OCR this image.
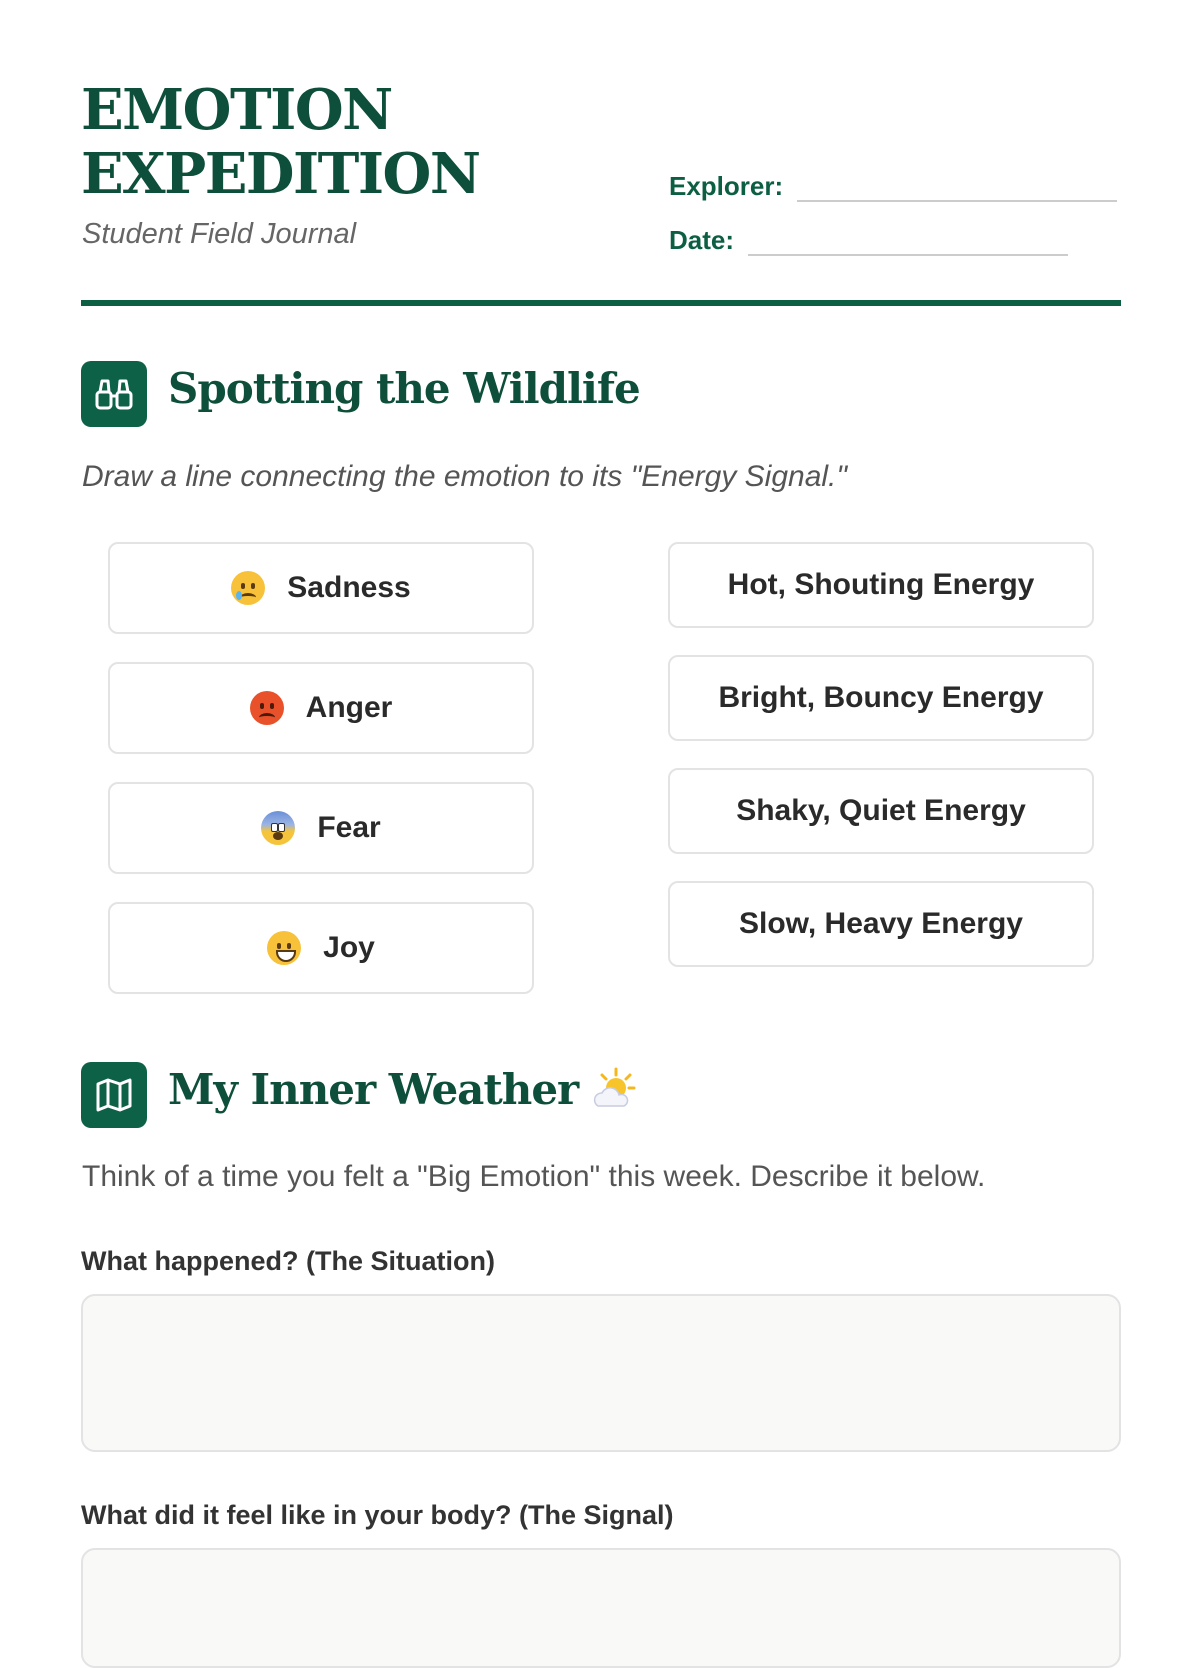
EMOTION
EXPEDITION
Student Field Journal
Explorer:
Date:
Spotting the Wildlife
Draw a line connecting the emotion to its "Energy Signal."
Sadness
Anger
Fear
Joy
Hot, Shouting Energy
Bright, Bouncy Energy
Shaky, Quiet Energy
Slow, Heavy Energy
My Inner Weather
Think of a time you felt a "Big Emotion" this week. Describe it below.
What happened? (The Situation)
What did it feel like in your body? (The Signal)
